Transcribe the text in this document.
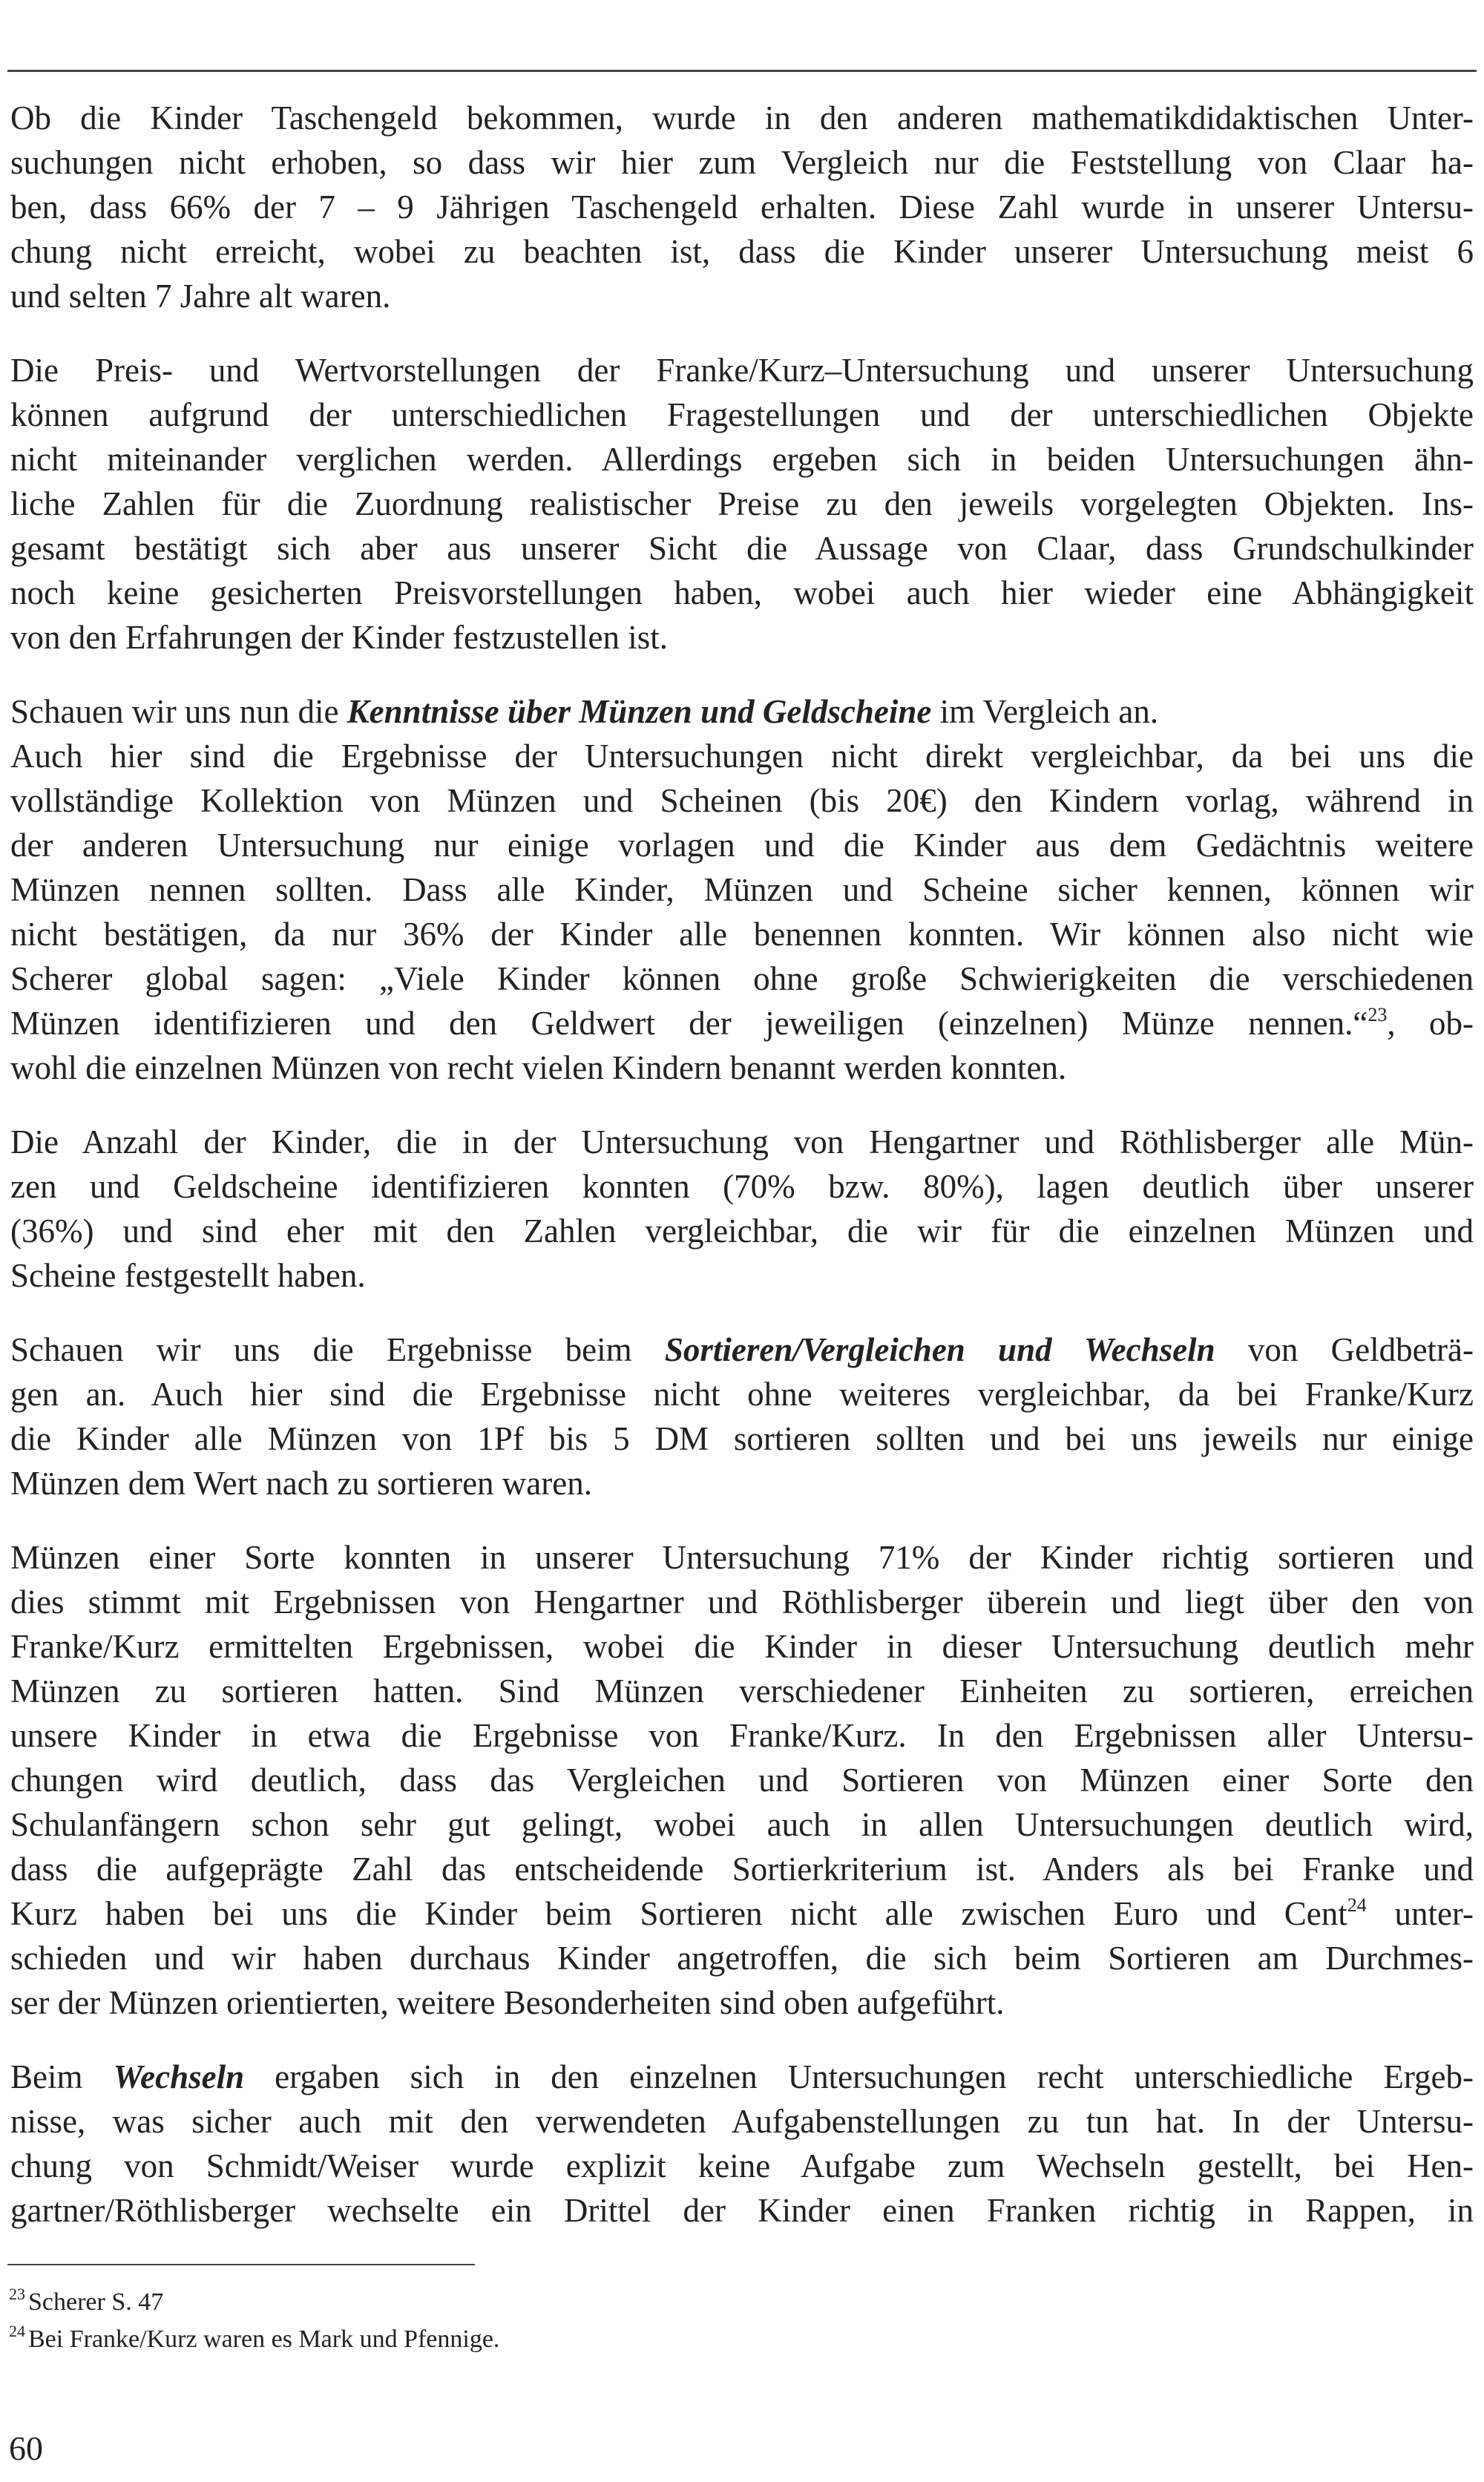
Ob die Kinder Taschengeld bekommen, wurde in den anderen mathematikdidaktischen Unter-
suchungen nicht erhoben, so dass wir hier zum Vergleich nur die Feststellung von Claar ha-
ben, dass 66% der 7 – 9 Jährigen Taschengeld erhalten. Diese Zahl wurde in unserer Untersu-
chung nicht erreicht, wobei zu beachten ist, dass die Kinder unserer Untersuchung meist 6
und selten 7 Jahre alt waren.
Die Preis- und Wertvorstellungen der Franke/Kurz–Untersuchung und unserer Untersuchung
können aufgrund der unterschiedlichen Fragestellungen und der unterschiedlichen Objekte
nicht miteinander verglichen werden. Allerdings ergeben sich in beiden Untersuchungen ähn-
liche Zahlen für die Zuordnung realistischer Preise zu den jeweils vorgelegten Objekten. Ins-
gesamt bestätigt sich aber aus unserer Sicht die Aussage von Claar, dass Grundschulkinder
noch keine gesicherten Preisvorstellungen haben, wobei auch hier wieder eine Abhängigkeit
von den Erfahrungen der Kinder festzustellen ist.
Schauen wir uns nun die Kenntnisse über Münzen und Geldscheine im Vergleich an.
Auch hier sind die Ergebnisse der Untersuchungen nicht direkt vergleichbar, da bei uns die
vollständige Kollektion von Münzen und Scheinen (bis 20€) den Kindern vorlag, während in
der anderen Untersuchung nur einige vorlagen und die Kinder aus dem Gedächtnis weitere
Münzen nennen sollten. Dass alle Kinder, Münzen und Scheine sicher kennen, können wir
nicht bestätigen, da nur 36% der Kinder alle benennen konnten. Wir können also nicht wie
Scherer global sagen: „Viele Kinder können ohne große Schwierigkeiten die verschiedenen
Münzen identifizieren und den Geldwert der jeweiligen (einzelnen) Münze nennen.“$^{23}$, ob-
wohl die einzelnen Münzen von recht vielen Kindern benannt werden konnten.
Die Anzahl der Kinder, die in der Untersuchung von Hengartner und Röthlisberger alle Mün-
zen und Geldscheine identifizieren konnten (70% bzw. 80%), lagen deutlich über unserer
(36%) und sind eher mit den Zahlen vergleichbar, die wir für die einzelnen Münzen und
Scheine festgestellt haben.
Schauen wir uns die Ergebnisse beim Sortieren/Vergleichen und Wechseln von Geldbeträ-
gen an. Auch hier sind die Ergebnisse nicht ohne weiteres vergleichbar, da bei Franke/Kurz
die Kinder alle Münzen von 1Pf bis 5 DM sortieren sollten und bei uns jeweils nur einige
Münzen dem Wert nach zu sortieren waren.
Münzen einer Sorte konnten in unserer Untersuchung 71% der Kinder richtig sortieren und
dies stimmt mit Ergebnissen von Hengartner und Röthlisberger überein und liegt über den von
Franke/Kurz ermittelten Ergebnissen, wobei die Kinder in dieser Untersuchung deutlich mehr
Münzen zu sortieren hatten. Sind Münzen verschiedener Einheiten zu sortieren, erreichen
unsere Kinder in etwa die Ergebnisse von Franke/Kurz. In den Ergebnissen aller Untersu-
chungen wird deutlich, dass das Vergleichen und Sortieren von Münzen einer Sorte den
Schulanfängern schon sehr gut gelingt, wobei auch in allen Untersuchungen deutlich wird,
dass die aufgeprägte Zahl das entscheidende Sortierkriterium ist. Anders als bei Franke und
Kurz haben bei uns die Kinder beim Sortieren nicht alle zwischen Euro und Cent$^{24}$ unter-
schieden und wir haben durchaus Kinder angetroffen, die sich beim Sortieren am Durchmes-
ser der Münzen orientierten, weitere Besonderheiten sind oben aufgeführt.
Beim Wechseln ergaben sich in den einzelnen Untersuchungen recht unterschiedliche Ergeb-
nisse, was sicher auch mit den verwendeten Aufgabenstellungen zu tun hat. In der Untersu-
chung von Schmidt/Weiser wurde explizit keine Aufgabe zum Wechseln gestellt, bei Hen-
gartner/Röthlisberger wechselte ein Drittel der Kinder einen Franken richtig in Rappen, in
$^{23}$ Scherer S. 47
$^{24}$ Bei Franke/Kurz waren es Mark und Pfennige.
60
